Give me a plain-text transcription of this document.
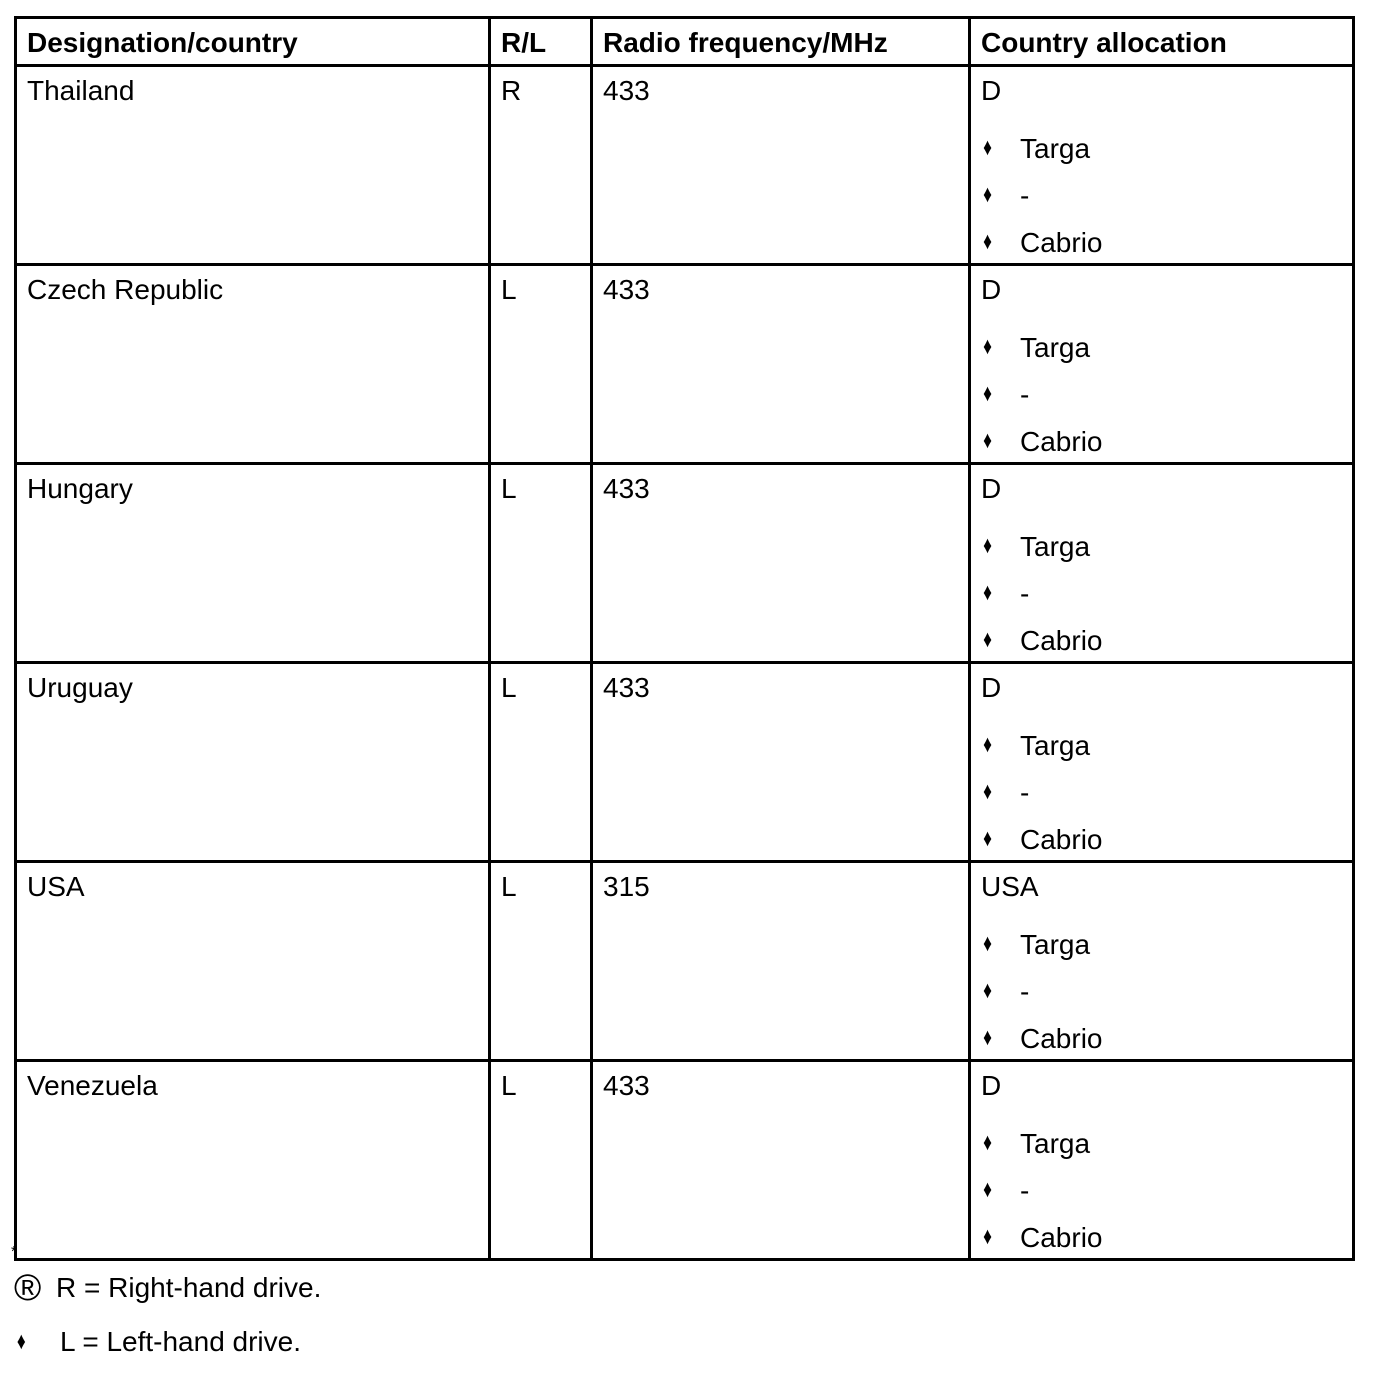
Designation/country	R/L	Radio frequency/MHz	Country allocation
Thailand	R	433	D
♦	Targa
♦	-
♦	Cabrio

Czech Republic	L	433	D
♦	Targa
♦	-
♦	Cabrio

Hungary	L	433	D
♦	Targa
♦	-
♦	Cabrio

Uruguay	L	433	D
♦	Targa
♦	-
♦	Cabrio

USA	L	315	USA
♦	Targa
♦	-
♦	Cabrio

Venezuela	L	433	D
♦	Targa
♦	-
♦	Cabrio
*
® R = Right-hand drive.
♦	L = Left-hand drive.
